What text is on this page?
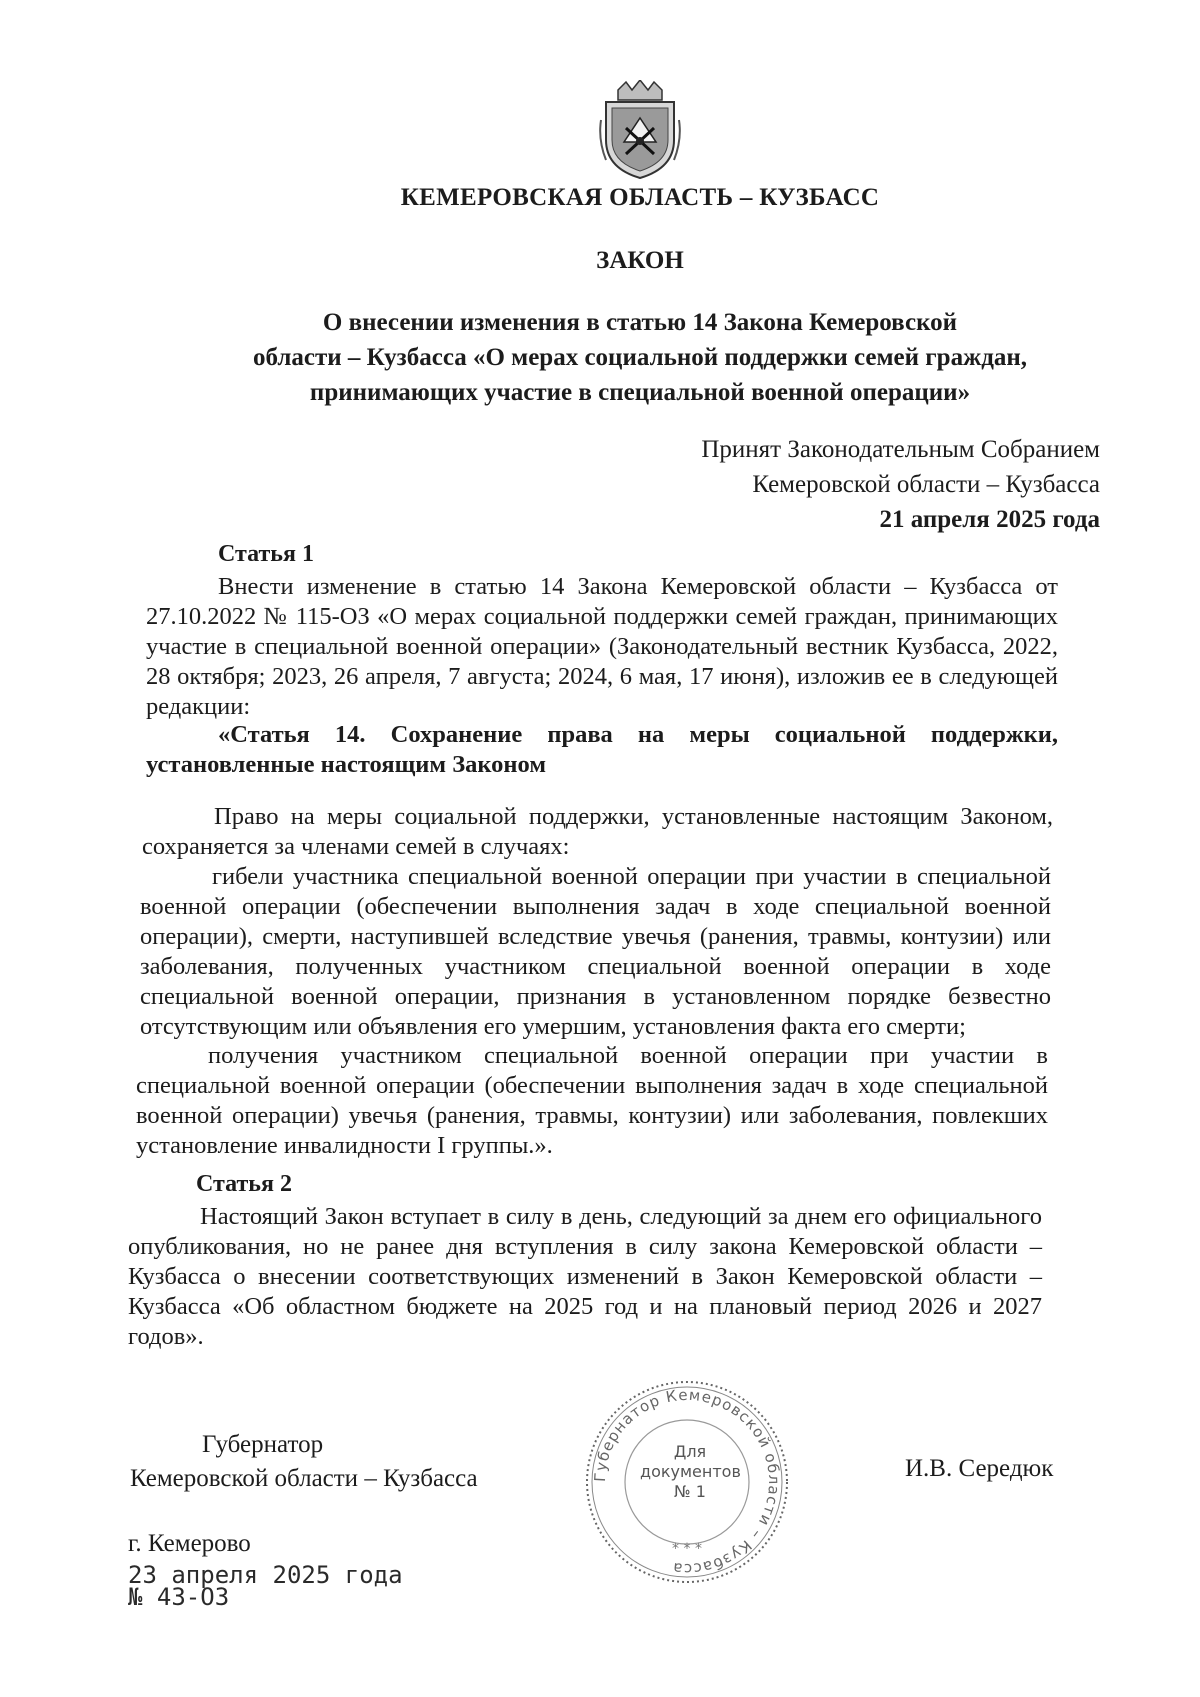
КЕМЕРОВСКАЯ ОБЛАСТЬ – КУЗБАСС
ЗАКОН
О внесении изменения в статью 14 Закона Кемеровской
области – Кузбасса «О мерах социальной поддержки семей граждан,
принимающих участие в специальной военной операции»
Принят Законодательным Собранием
Кемеровской области – Кузбасса
21 апреля 2025 года
Статья 1
Внести изменение в статью 14 Закона Кемеровской области – Кузбасса от 27.10.2022 № 115-ОЗ «О мерах социальной поддержки семей граждан, принимающих участие в специальной военной операции» (Законодательный вестник Кузбасса, 2022, 28 октября; 2023, 26 апреля, 7 августа; 2024, 6 мая, 17 июня), изложив ее в следующей редакции:
«Статья 14. Сохранение права на меры социальной поддержки, установленные настоящим Законом
Право на меры социальной поддержки, установленные настоящим Законом, сохраняется за членами семей в случаях:
гибели участника специальной военной операции при участии в специальной военной операции (обеспечении выполнения задач в ходе специальной военной операции), смерти, наступившей вследствие увечья (ранения, травмы, контузии) или заболевания, полученных участником специальной военной операции в ходе специальной военной операции, признания в установленном порядке безвестно отсутствующим или объявления его умершим, установления факта его смерти;
получения участником специальной военной операции при участии в специальной военной операции (обеспечении выполнения задач в ходе специальной военной операции) увечья (ранения, травмы, контузии) или заболевания, повлекших установление инвалидности I группы.».
Статья 2
Настоящий Закон вступает в силу в день, следующий за днем его официального опубликования, но не ранее дня вступления в силу закона Кемеровской области – Кузбасса о внесении соответствующих изменений в Закон Кемеровской области – Кузбасса «Об областном бюджете на 2025 год и на плановый период 2026 и 2027 годов».
Губернатор
Кемеровской области – Кузбасса	Губернатор Кемеровской области – Кузбасса
* * *
Для
документов
№ 1
И.В. Середюк
г. Кемерово
23 апреля 2025 года
№ 43-ОЗ
